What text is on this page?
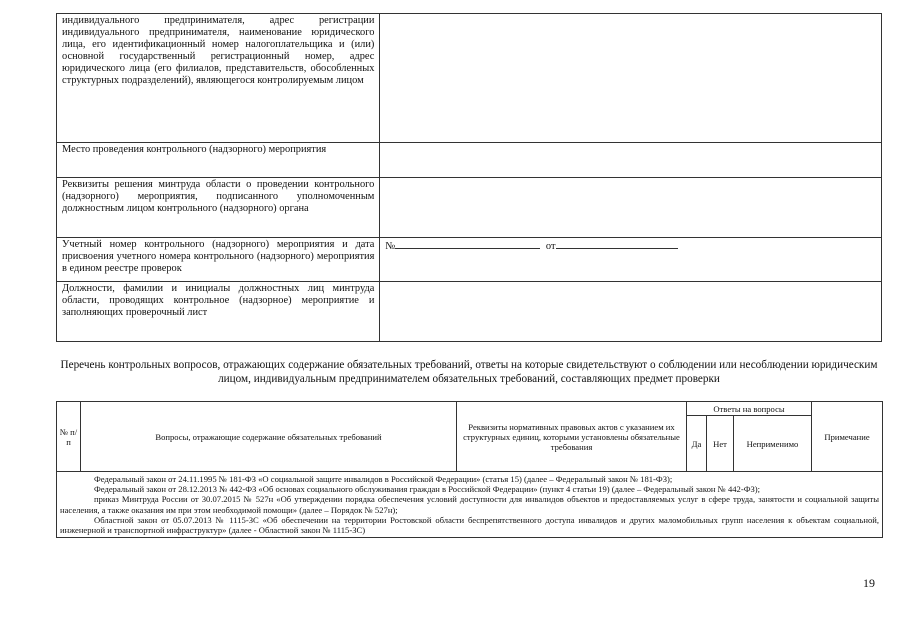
индивидуального предпринимателя, адрес регистрации индивидуального предпринимателя, наименование юридического лица, его идентификационный номер налогоплательщика и (или) основной государственный регистрационный номер, адрес юридического лица (его филиалов, представительств, обособленных структурных подразделений), являющегося контролируемым лицом	
Место проведения контрольного (надзорного) мероприятия	
Реквизиты решения минтруда области о проведении контрольного (надзорного) мероприятия, подписанного уполномоченным должностным лицом контрольного (надзорного) органа	
Учетный номер контрольного (надзорного) мероприятия и дата присвоения учетного номера контрольного (надзорного) мероприятия в едином реестре проверок	№ от

Должности, фамилии и инициалы должностных лиц минтруда области, проводящих контрольное (надзорное) мероприятие и заполняющих проверочный лист	
Перечень контрольных вопросов, отражающих содержание обязательных требований, ответы на которые свидетельствуют о соблюдении или несоблюдении юридическим лицом, индивидуальным предпринимателем обязательных требований, составляющих предмет проверки
№ п/п	Вопросы, отражающие содержание обязательных требований	Реквизиты нормативных правовых актов с указанием их структурных единиц, которыми установлены обязательные требования	Ответы на вопросы			Примечание
			Да	Нет	Неприменимо	

Федеральный закон от 24.11.1995 № 181-ФЗ «О социальной защите инвалидов в Российской Федерации» (статья 15) (далее – Федеральный закон № 181-ФЗ);

Федеральный закон от 28.12.2013 № 442-ФЗ «Об основах социального обслуживания граждан в Российской Федерации» (пункт 4 статьи 19) (далее – Федеральный закон № 442-ФЗ);

приказ Минтруда России от 30.07.2015 № 527н «Об утверждении порядка обеспечения условий доступности для инвалидов объектов и предоставляемых услуг в сфере труда, занятости и социальной защиты населения, а также оказания им при этом необходимой помощи» (далее – Порядок № 527н);

Областной закон от 05.07.2013 № 1115-ЗС «Об обеспечении на территории Ростовской области беспрепятственного доступа инвалидов и других маломобильных групп населения к объектам социальной, инженерной и транспортной инфраструктур» (далее - Областной закон № 1115-ЗС)						

19
